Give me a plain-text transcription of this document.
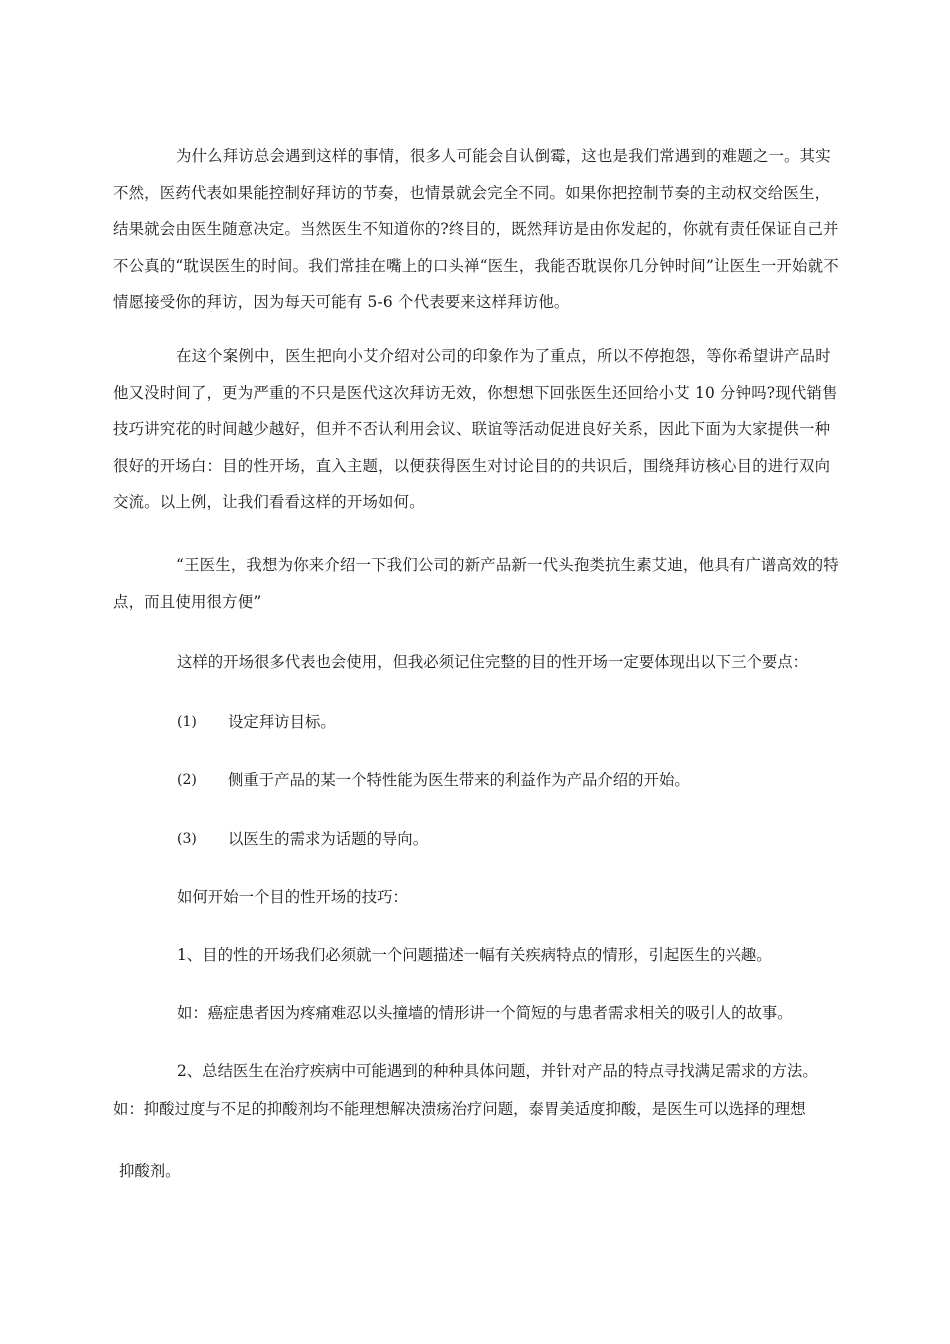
为什么拜访总会遇到这样的事情，很多人可能会自认倒霉，这也是我们常遇到的难题之一。其实不然，医药代表如果能控制好拜访的节奏，也情景就会完全不同。如果你把控制节奏的主动权交给医生，结果就会由医生随意决定。当然医生不知道你的?终目的，既然拜访是由你发起的，你就有责任保证自己并不公真的“耽误医生的时间。我们常挂在嘴上的口头禅“医生，我能否耽误你几分钟时间”让医生一开始就不情愿接受你的拜访，因为每天可能有 5-6 个代表要来这样拜访他。

在这个案例中，医生把向小艾介绍对公司的印象作为了重点，所以不停抱怨，等你希望讲产品时他又没时间了，更为严重的不只是医代这次拜访无效，你想想下回张医生还回给小艾 10 分钟吗?现代销售技巧讲究花的时间越少越好，但并不否认利用会议、联谊等活动促进良好关系，因此下面为大家提供一种很好的开场白：目的性开场，直入主题，以便获得医生对讨论目的的共识后，围绕拜访核心目的进行双向交流。以上例，让我们看看这样的开场如何。

“王医生，我想为你来介绍一下我们公司的新产品新一代头孢类抗生素艾迪，他具有广谱高效的特点，而且使用很方便”

这样的开场很多代表也会使用，但我必须记住完整的目的性开场一定要体现出以下三个要点：

(1) 设定拜访目标。
(2) 侧重于产品的某一个特性能为医生带来的利益作为产品介绍的开始。
(3) 以医生的需求为话题的导向。

如何开始一个目的性开场的技巧：

1、目的性的开场我们必须就一个问题描述一幅有关疾病特点的情形，引起医生的兴趣。

如：癌症患者因为疼痛难忍以头撞墙的情形讲一个简短的与患者需求相关的吸引人的故事。

2、总结医生在治疗疾病中可能遇到的种种具体问题，并针对产品的特点寻找满足需求的方法。

如：抑酸过度与不足的抑酸剂均不能理想解决溃疡治疗问题，泰胃美适度抑酸，是医生可以选择的理想

抑酸剂。
